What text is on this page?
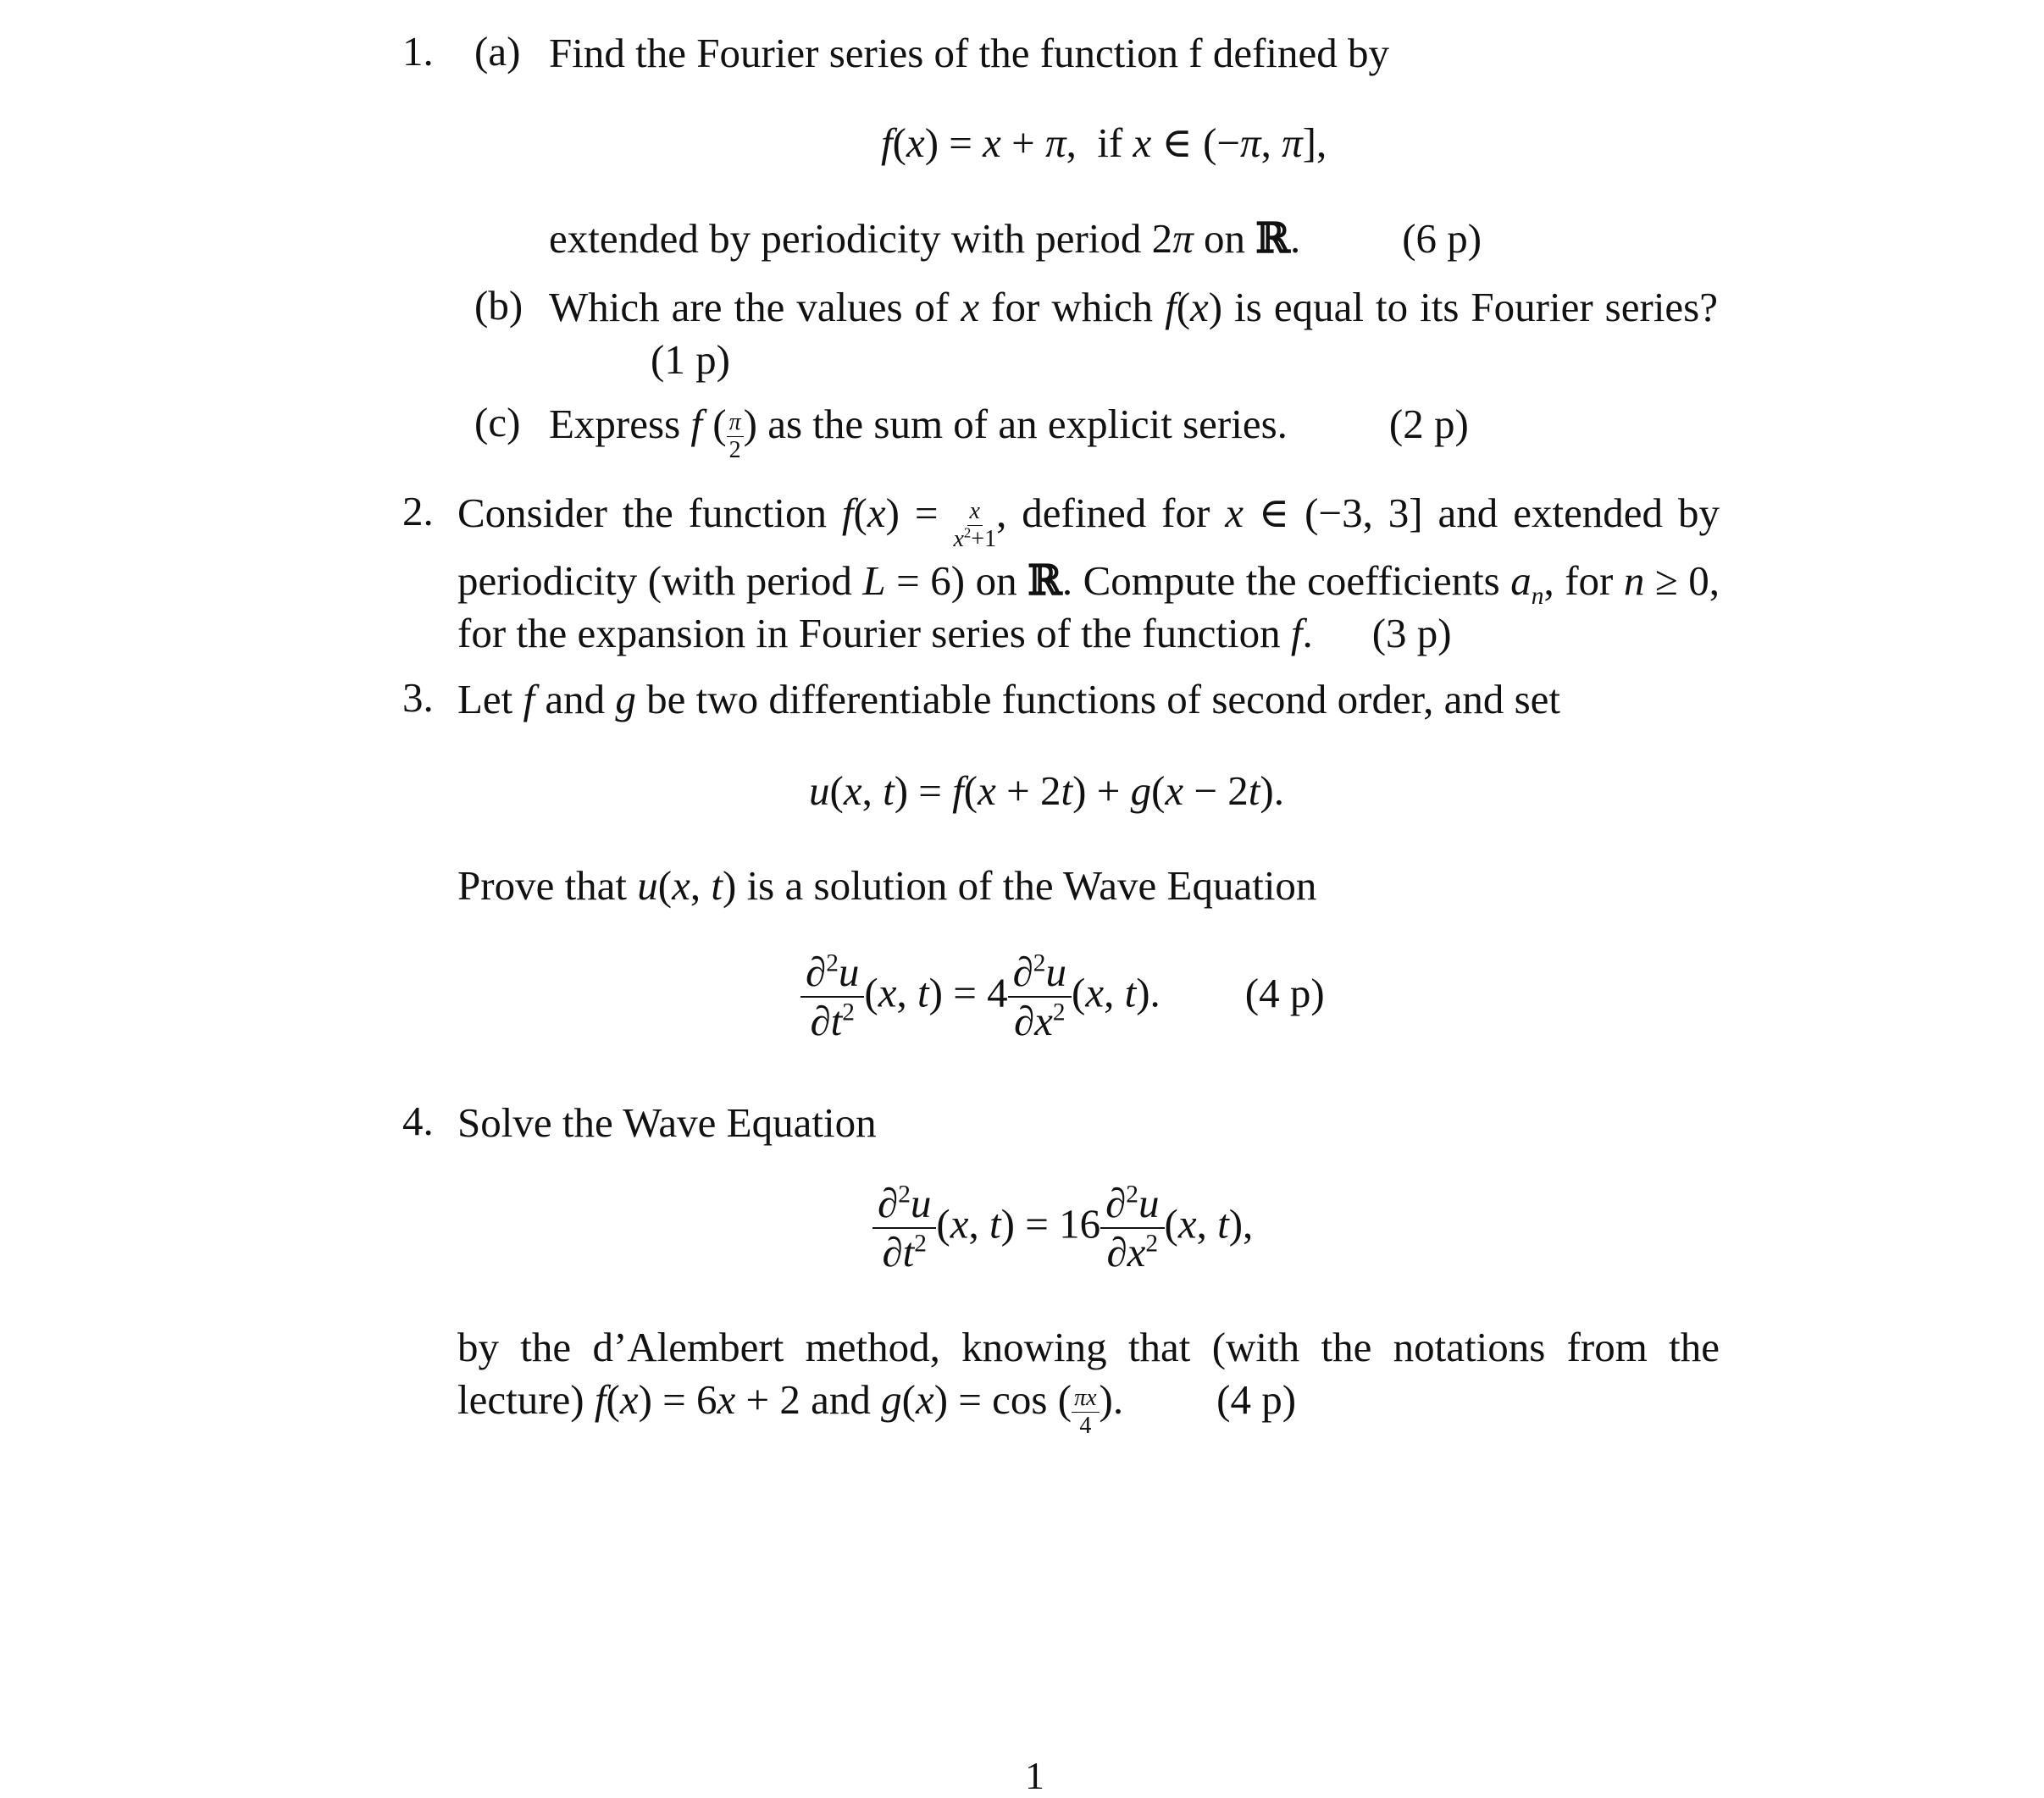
1. (a) Find the Fourier series of the function f defined by
f(x) = x + π,  if x ∈ (−π, π],
extended by periodicity with period 2π on ℝ. (6 p)
(b) Which are the values of x for which f(x) is equal to its Fourier series?(1 p)
(c) Express f ( $\frac{\pi}{2}$ ) as the sum of an explicit series. (2 p)
2. Consider the function $f(x) = \frac{x}{x^2+1}$ , defined for x ∈ (−3, 3] and extended by periodicity (with period L = 6) on ℝ. Compute the coefficients $a_n$, for n ≥ 0, for the expansion in Fourier series of the function f. (3 p)
3. Let f and g be two differentiable functions of second order, and set
u(x, t) = f(x + 2t) + g(x − 2t).
Prove that u(x, t) is a solution of the Wave Equation
$\frac{\partial^2u}{\partial t^2} (x$, $t) = 4 \frac{\partial^2u}{\partial x^2} (x$, t). (4 p)
4. Solve the Wave Equation
$\frac{\partial^2u}{\partial t^2} (x$, $t) = 16 \frac{\partial^2u}{\partial x^2} (x$, t),
by the d’Alembert method, knowing that (with the notations from the lecture) f(x) = 6x + 2 and g(x) = cos ( $\frac{\pi x}{4}$ ). (4 p)
1
